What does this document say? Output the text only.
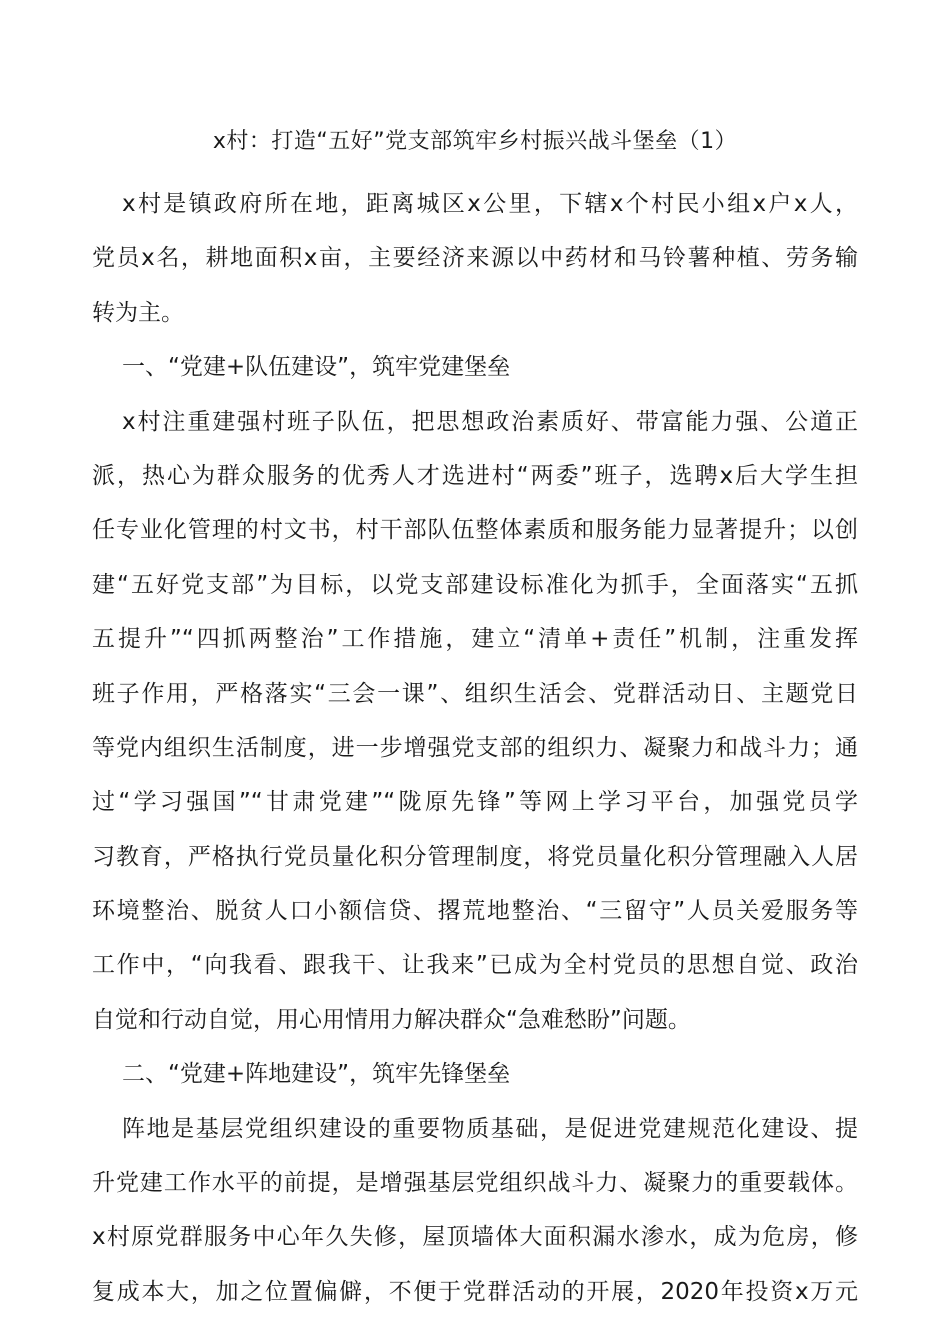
x村：打造“五好”党支部筑牢乡村振兴战斗堡垒（1）
x村是镇政府所在地，距离城区x公里，下辖x个村民小组x户x人，
党员x名，耕地面积x亩，主要经济来源以中药材和马铃薯种植、劳务输
转为主。
一、“党建+队伍建设”，筑牢党建堡垒
x村注重建强村班子队伍，把思想政治素质好、带富能力强、公道正
派，热心为群众服务的优秀人才选进村“两委”班子，选聘x后大学生担
任专业化管理的村文书，村干部队伍整体素质和服务能力显著提升；以创
建“五好党支部”为目标，以党支部建设标准化为抓手，全面落实“五抓
五提升”“四抓两整治”工作措施，建立“清单+责任”机制，注重发挥
班子作用，严格落实“三会一课”、组织生活会、党群活动日、主题党日
等党内组织生活制度，进一步增强党支部的组织力、凝聚力和战斗力；通
过“学习强国”“甘肃党建”“陇原先锋”等网上学习平台，加强党员学
习教育，严格执行党员量化积分管理制度，将党员量化积分管理融入人居
环境整治、脱贫人口小额信贷、撂荒地整治、“三留守”人员关爱服务等
工作中，“向我看、跟我干、让我来”已成为全村党员的思想自觉、政治
自觉和行动自觉，用心用情用力解决群众“急难愁盼”问题。
二、“党建+阵地建设”，筑牢先锋堡垒
阵地是基层党组织建设的重要物质基础，是促进党建规范化建设、提
升党建工作水平的前提，是增强基层党组织战斗力、凝聚力的重要载体。
x村原党群服务中心年久失修，屋顶墙体大面积漏水渗水，成为危房，修
复成本大，加之位置偏僻，不便于党群活动的开展，2020年投资x万元
